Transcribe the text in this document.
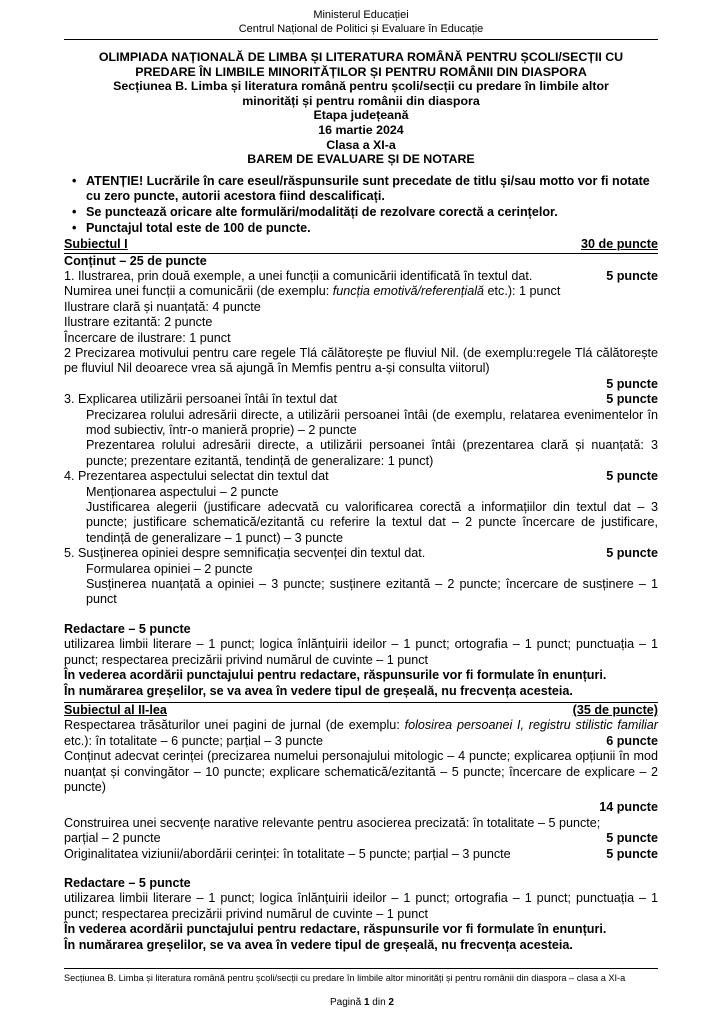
Ministerul Educației
Centrul Național de Politici și Evaluare în Educație
OLIMPIADA NAȚIONALĂ DE LIMBA ȘI LITERATURA ROMÂNĂ PENTRU ȘCOLI/SECȚII CU
PREDARE ÎN LIMBILE MINORITĂȚILOR ȘI PENTRU ROMÂNII DIN DIASPORA
Secțiunea B. Limba și literatura română pentru școli/secții cu predare în limbile altor
minorități și pentru românii din diaspora
Etapa județeană
16 martie 2024
Clasa a XI-a
BAREM DE EVALUARE ȘI DE NOTARE
• ATENȚIE! Lucrările în care eseul/răspunsurile sunt precedate de titlu și/sau motto vor fi notate cu zero puncte, autorii acestora fiind descalificați.
• Se punctează oricare alte formulări/modalități de rezolvare corectă a cerințelor.
• Punctajul total este de 100 de puncte.
Subiectul I	30 de puncte

Conținut – 25 de puncte

1. Ilustrarea, prin două exemple, a unei funcții a comunicării identificată în textul dat.	5 puncte

Numirea unei funcții a comunicării (de exemplu: funcția emotivă/referențială etc.): 1 punct

Ilustrare clară și nuanțată: 4 puncte

Ilustrare ezitantă: 2 puncte

Încercare de ilustrare: 1 punct

2 Precizarea motivului pentru care regele Tlá călătorește pe fluviul Nil. (de exemplu:regele Tlá călătorește pe fluviul Nil deoarece vrea să ajungă în Memfis pentru a-și consulta viitorul)

5 puncte

3. Explicarea utilizării persoanei întâi în textul dat	5 puncte

Precizarea rolului adresării directe, a utilizării persoanei întâi (de exemplu, relatarea evenimentelor în mod subiectiv, într-o manieră proprie) – 2 puncte

Prezentarea rolului adresării directe, a utilizării persoanei întâi (prezentarea clară și nuanțată: 3 puncte; prezentare ezitantă, tendință de generalizare: 1 punct)

4. Prezentarea aspectului selectat din textul dat	5 puncte

Menționarea aspectului – 2 puncte

Justificarea alegerii (justificare adecvată cu valorificarea corectă a informațiilor din textul dat – 3 puncte; justificare schematică/ezitantă cu referire la textul dat – 2 puncte încercare de justificare, tendință de generalizare – 1 punct) – 3 puncte

5. Susținerea opiniei despre semnificația secvenței din textul dat.	5 puncte

Formularea opiniei – 2 puncte

Susținerea nuanțată a opiniei – 3 puncte; susținere ezitantă – 2 puncte; încercare de susținere – 1 punct

Redactare – 5 puncte

utilizarea limbii literare – 1 punct; logica înlănțuirii ideilor – 1 punct; ortografia – 1 punct; punctuația – 1 punct; respectarea precizării privind numărul de cuvinte – 1 punct

În vederea acordării punctajului pentru redactare, răspunsurile vor fi formulate în enunțuri.

În numărarea greșelilor, se va avea în vedere tipul de greșeală, nu frecvența acesteia.

Subiectul al II-lea	(35 de puncte)

Respectarea trăsăturilor unei pagini de jurnal (de exemplu: folosirea persoanei I, registru stilistic familiar etc.): în totalitate – 6 puncte; parțial – 3 puncte	6 puncte

Conținut adecvat cerinței (precizarea numelui personajului mitologic – 4 puncte; explicarea opțiunii în mod nuanțat și convingător – 10 puncte; explicare schematică/ezitantă – 5 puncte; încercare de explicare – 2 puncte)

14 puncte

Construirea unei secvențe narative relevante pentru asocierea precizată: în totalitate – 5 puncte;

parțial – 2 puncte	5 puncte
Originalitatea viziunii/abordării cerinței: în totalitate – 5 puncte; parțial – 3 puncte	5 puncte

Redactare – 5 puncte

utilizarea limbii literare – 1 punct; logica înlănțuirii ideilor – 1 punct; ortografia – 1 punct; punctuația – 1 punct; respectarea precizării privind numărul de cuvinte – 1 punct

În vederea acordării punctajului pentru redactare, răspunsurile vor fi formulate în enunțuri.

În numărarea greșelilor, se va avea în vedere tipul de greșeală, nu frecvența acesteia.

Secțiunea B. Limba și literatura română pentru școli/secții cu predare în limbile altor minorități și pentru românii din diaspora – clasa a XI-a
Pagină 1 din 2
